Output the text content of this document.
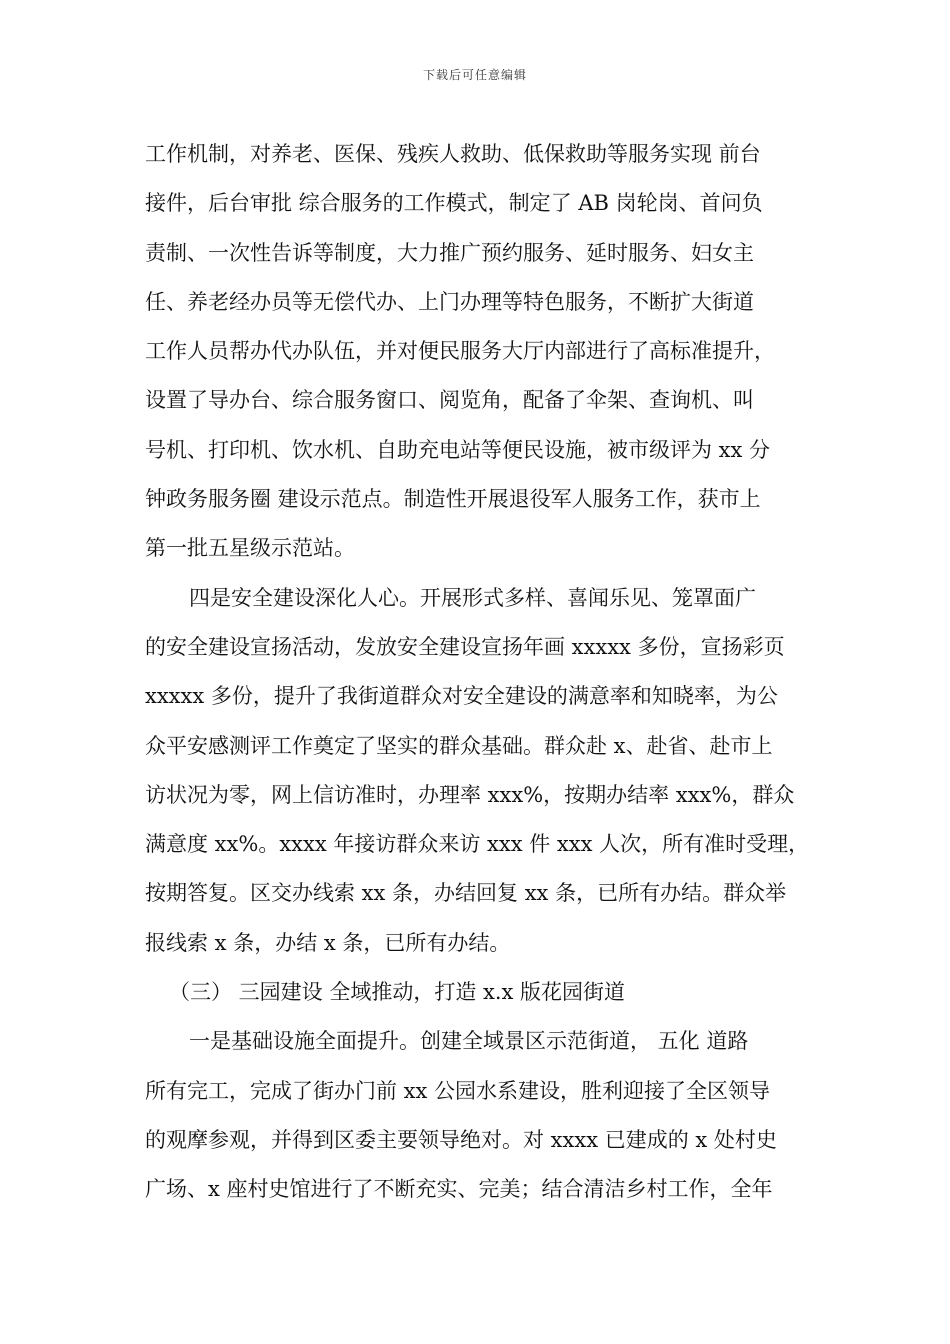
下载后可任意编辑
工作机制，对养老、医保、残疾人救助、低保救助等服务实现 前台
接件，后台审批 综合服务的工作模式，制定了 AB 岗轮岗、首问负
责制、一次性告诉等制度，大力推广预约服务、延时服务、妇女主
任、养老经办员等无偿代办、上门办理等特色服务，不断扩大街道
工作人员帮办代办队伍，并对便民服务大厅内部进行了高标准提升，
设置了导办台、综合服务窗口、阅览角，配备了伞架、查询机、叫
号机、打印机、饮水机、自助充电站等便民设施，被市级评为 xx 分
钟政务服务圈 建设示范点。制造性开展退役军人服务工作，获市上
第一批五星级示范站。
四是安全建设深化人心。开展形式多样、喜闻乐见、笼罩面广
的安全建设宣扬活动，发放安全建设宣扬年画 xxxxx 多份，宣扬彩页
xxxxx 多份，提升了我街道群众对安全建设的满意率和知晓率，为公
众平安感测评工作奠定了坚实的群众基础。群众赴 x、赴省、赴市上
访状况为零，网上信访准时，办理率 xxx%，按期办结率 xxx%，群众
满意度 xx%。xxxx 年接访群众来访 xxx 件 xxx 人次，所有准时受理，
按期答复。区交办线索 xx 条，办结回复 xx 条，已所有办结。群众举
报线索 x 条，办结 x 条，已所有办结。
（三） 三园建设 全域推动，打造 x.x 版花园街道
一是基础设施全面提升。创建全域景区示范街道， 五化 道路
所有完工，完成了街办门前 xx 公园水系建设，胜利迎接了全区领导
的观摩参观，并得到区委主要领导绝对。对 xxxx 已建成的 x 处村史
广场、x 座村史馆进行了不断充实、完美；结合清洁乡村工作，全年
